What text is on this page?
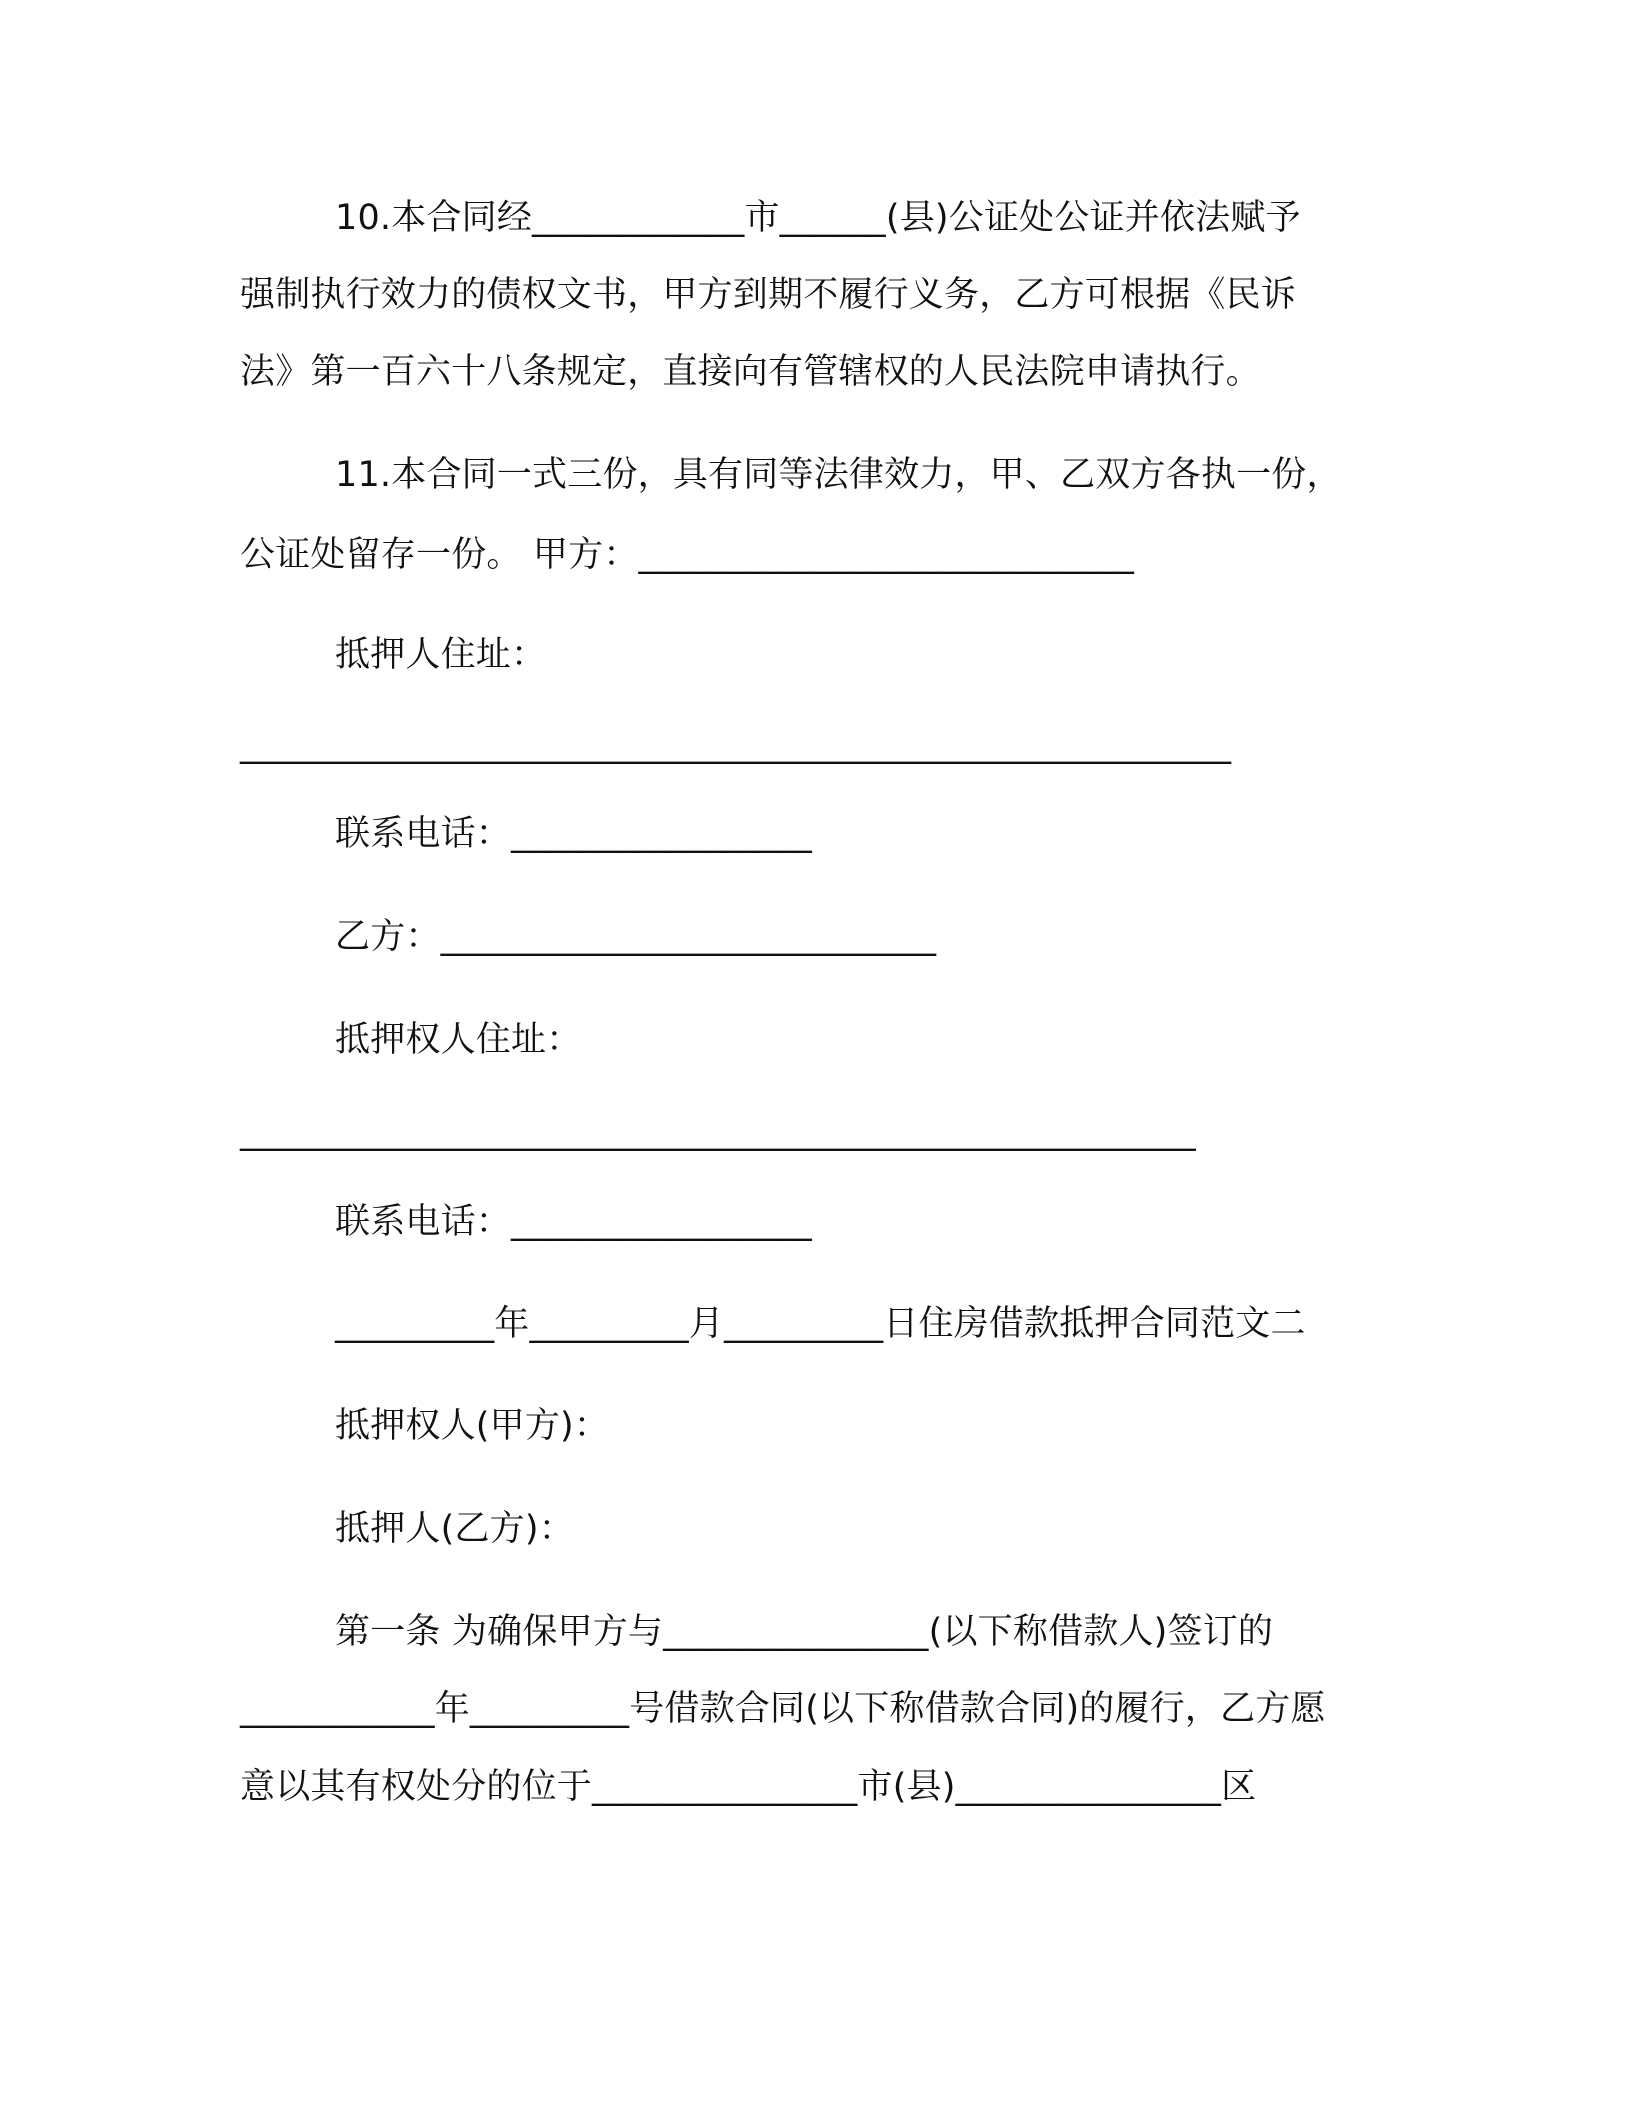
10.本合同经____________市______(县)公证处公证并依法赋予
强制执行效力的债权文书，甲方到期不履行义务，乙方可根据《民诉
法》第一百六十八条规定，直接向有管辖权的人民法院申请执行。
11.本合同一式三份，具有同等法律效力，甲、乙双方各执一份，
公证处留存一份。 甲方：____________________________
抵押人住址：
________________________________________________________
联系电话：_________________
乙方：____________________________
抵押权人住址：
______________________________________________________
联系电话：_________________
_________年_________月_________日住房借款抵押合同范文二
抵押权人(甲方)：
抵押人(乙方)：
第一条 为确保甲方与_______________(以下称借款人)签订的
___________年_________号借款合同(以下称借款合同)的履行，乙方愿
意以其有权处分的位于_______________市(县)_______________区
